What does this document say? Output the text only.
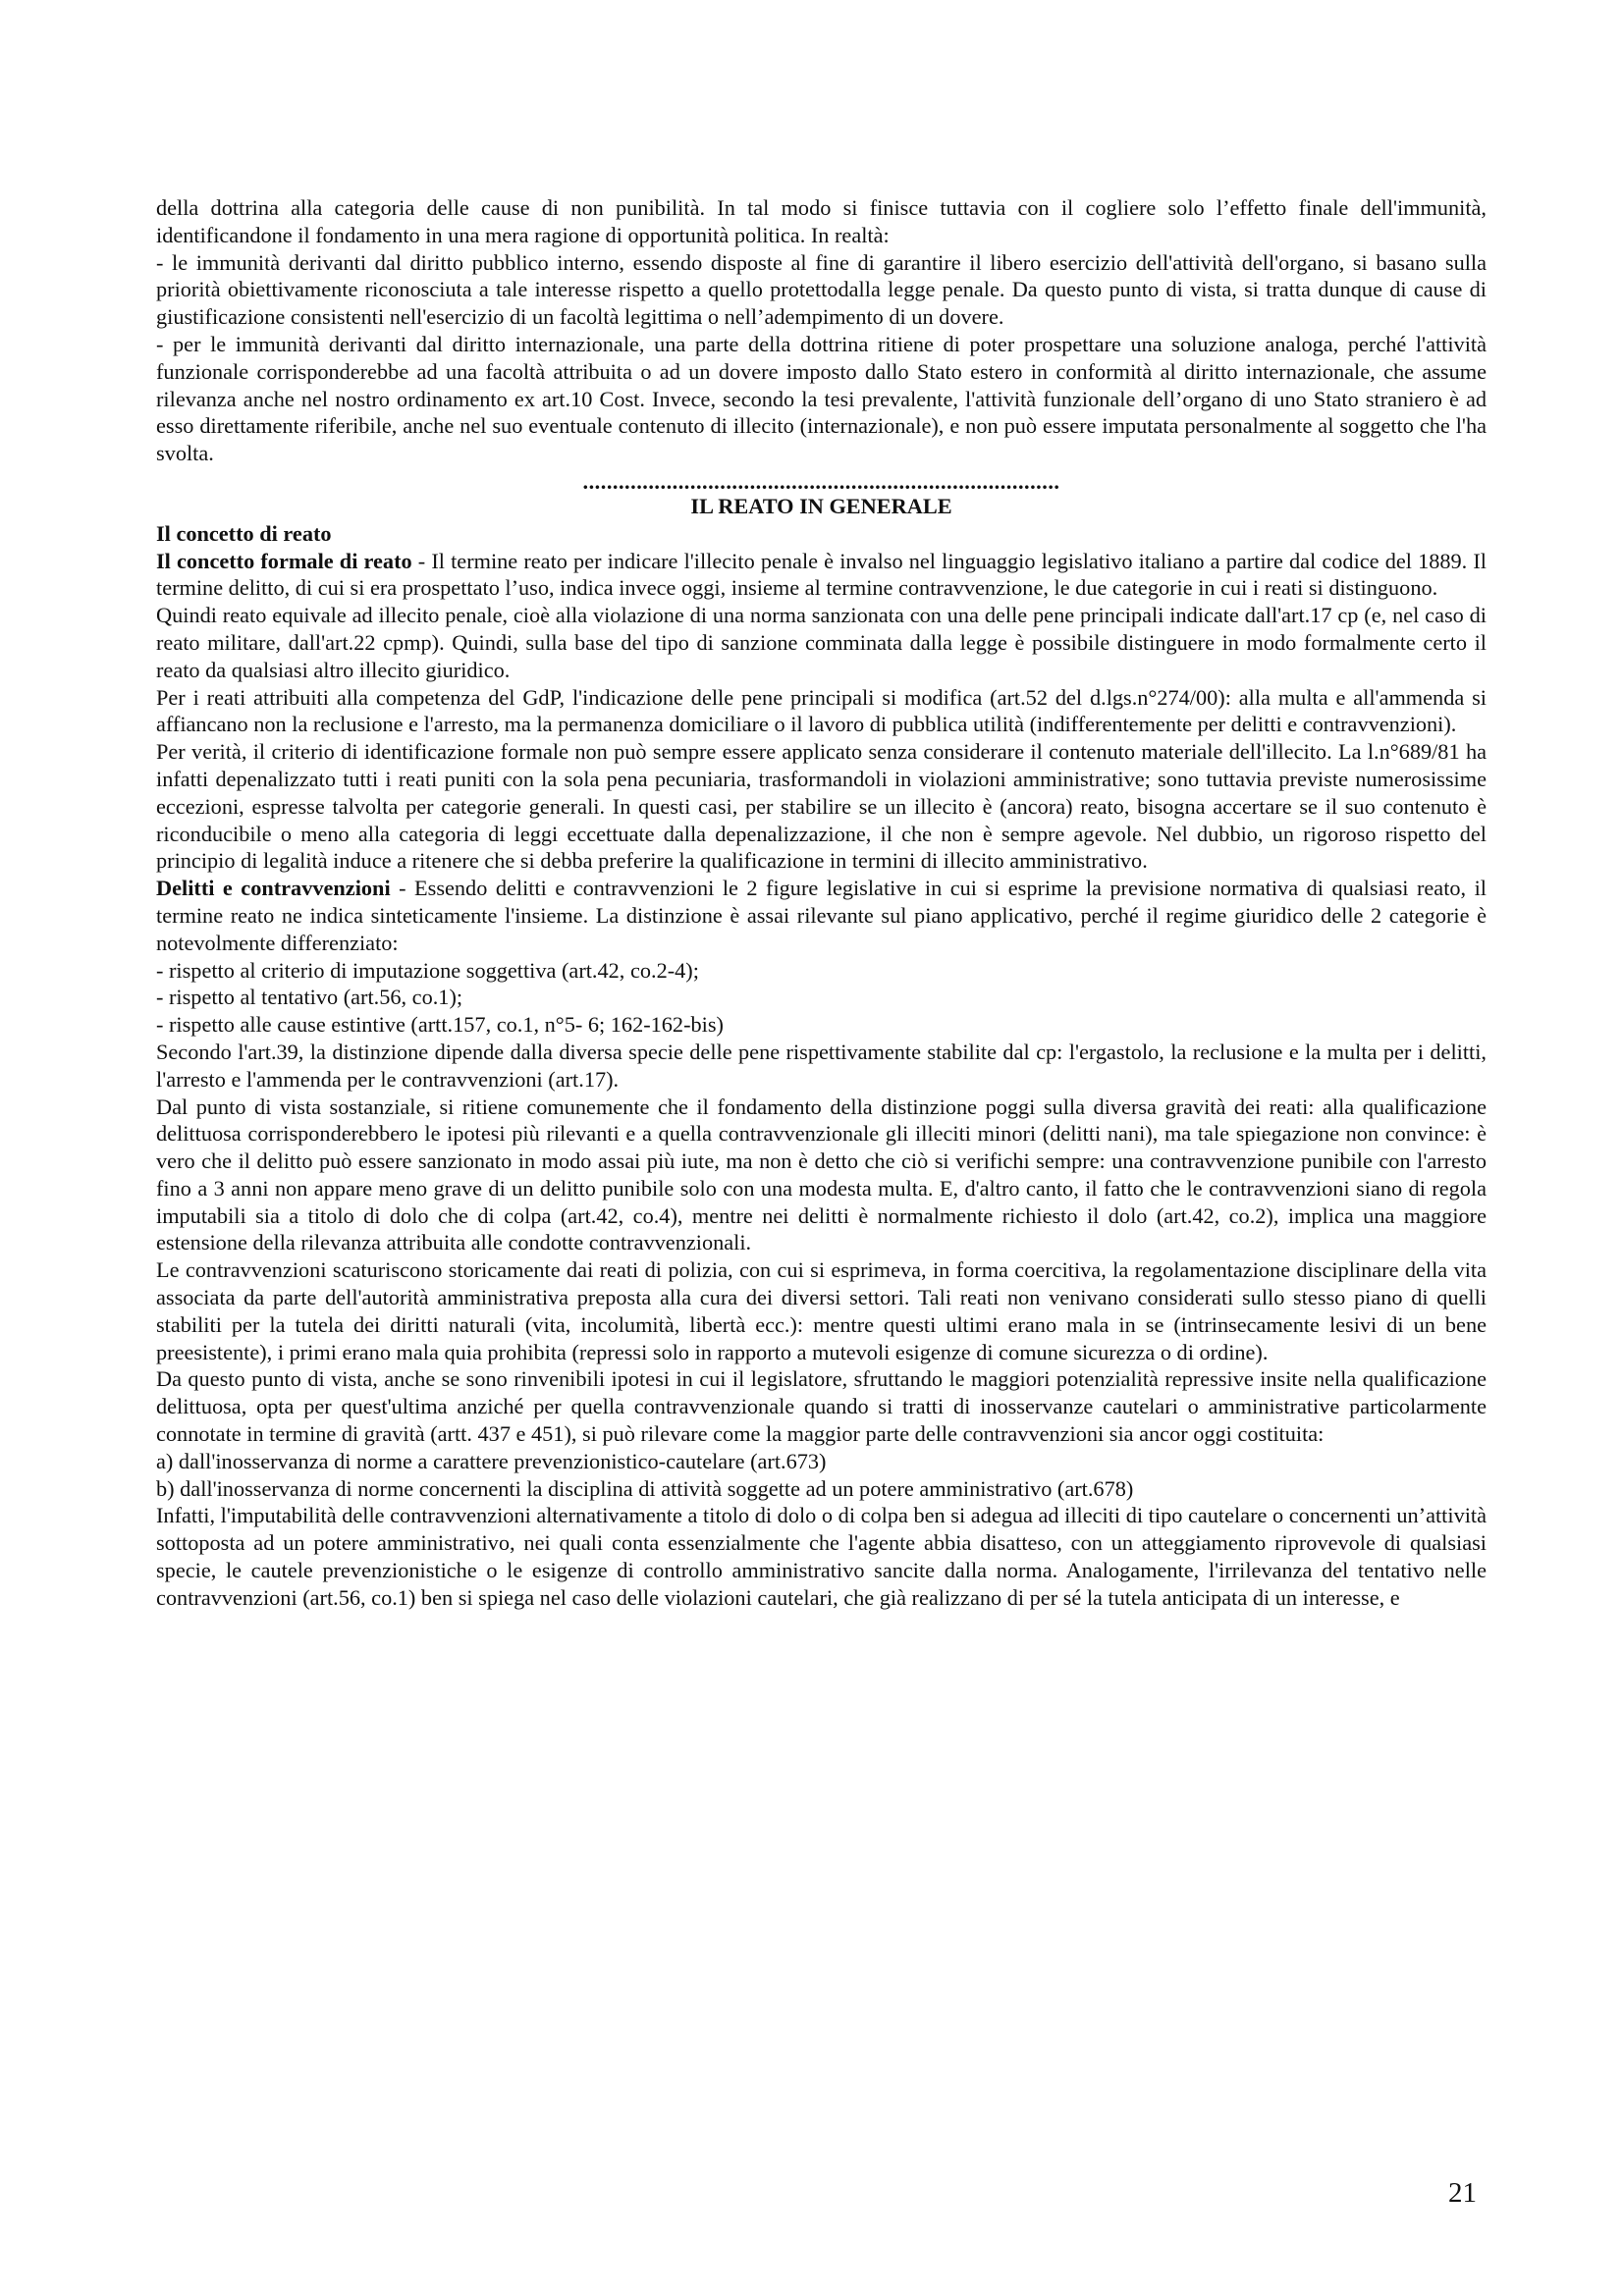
della dottrina alla categoria delle cause di non punibilità. In tal modo si finisce tuttavia con il cogliere solo l’effetto finale dell'immunità, identificandone il fondamento in una mera ragione di opportunità politica. In realtà:

- le immunità derivanti dal diritto pubblico interno, essendo disposte al fine di garantire il libero esercizio dell'attività dell'organo, si basano sulla priorità obiettivamente riconosciuta a tale interesse rispetto a quello protettodalla legge penale. Da questo punto di vista, si tratta dunque di cause di giustificazione consistenti nell'esercizio di un facoltà legittima o nell’adempimento di un dovere.

- per le immunità derivanti dal diritto internazionale, una parte della dottrina ritiene di poter prospettare una soluzione analoga, perché l'attività funzionale corrisponderebbe ad una facoltà attribuita o ad un dovere imposto dallo Stato estero in conformità al diritto internazionale, che assume rilevanza anche nel nostro ordinamento ex art.10 Cost. Invece, secondo la tesi prevalente, l'attività funzionale dell’organo di uno Stato straniero è ad esso direttamente riferibile, anche nel suo eventuale contenuto di illecito (internazionale), e non può essere imputata personalmente al soggetto che l'ha svolta.

................................................................................
IL REATO IN GENERALE
Il concetto di reato

Il concetto formale di reato - Il termine reato per indicare l'illecito penale è invalso nel linguaggio legislativo italiano a partire dal codice del 1889. Il termine delitto, di cui si era prospettato l’uso, indica invece oggi, insieme al termine contravvenzione, le due categorie in cui i reati si distinguono.

Quindi reato equivale ad illecito penale, cioè alla violazione di una norma sanzionata con una delle pene principali indicate dall'art.17 cp (e, nel caso di reato militare, dall'art.22 cpmp). Quindi, sulla base del tipo di sanzione comminata dalla legge è possibile distinguere in modo formalmente certo il reato da qualsiasi altro illecito giuridico.

Per i reati attribuiti alla competenza del GdP, l'indicazione delle pene principali si modifica (art.52 del d.lgs.n°274/00): alla multa e all'ammenda si affiancano non la reclusione e l'arresto, ma la permanenza domiciliare o il lavoro di pubblica utilità (indifferentemente per delitti e contravvenzioni).

Per verità, il criterio di identificazione formale non può sempre essere applicato senza considerare il contenuto materiale dell'illecito. La l.n°689/81 ha infatti depenalizzato tutti i reati puniti con la sola pena pecuniaria, trasformandoli in violazioni amministrative; sono tuttavia previste numerosissime eccezioni, espresse talvolta per categorie generali. In questi casi, per stabilire se un illecito è (ancora) reato, bisogna accertare se il suo contenuto è riconducibile o meno alla categoria di leggi eccettuate dalla depenalizzazione, il che non è sempre agevole. Nel dubbio, un rigoroso rispetto del principio di legalità induce a ritenere che si debba preferire la qualificazione in termini di illecito amministrativo.

Delitti e contravvenzioni - Essendo delitti e contravvenzioni le 2 figure legislative in cui si esprime la previsione normativa di qualsiasi reato, il termine reato ne indica sinteticamente l'insieme. La distinzione è assai rilevante sul piano applicativo, perché il regime giuridico delle 2 categorie è notevolmente differenziato:

- rispetto al criterio di imputazione soggettiva (art.42, co.2-4);

- rispetto al tentativo (art.56, co.1);

- rispetto alle cause estintive (artt.157, co.1, n°5- 6; 162-162-bis)

Secondo l'art.39, la distinzione dipende dalla diversa specie delle pene rispettivamente stabilite dal cp: l'ergastolo, la reclusione e la multa per i delitti, l'arresto e l'ammenda per le contravvenzioni (art.17).

Dal punto di vista sostanziale, si ritiene comunemente che il fondamento della distinzione poggi sulla diversa gravità dei reati: alla qualificazione delittuosa corrisponderebbero le ipotesi più rilevanti e a quella contravvenzionale gli illeciti minori (delitti nani), ma tale spiegazione non convince: è vero che il delitto può essere sanzionato in modo assai più iute, ma non è detto che ciò si verifichi sempre: una contravvenzione punibile con l'arresto fino a 3 anni non appare meno grave di un delitto punibile solo con una modesta multa. E, d'altro canto, il fatto che le contravvenzioni siano di regola imputabili sia a titolo di dolo che di colpa (art.42, co.4), mentre nei delitti è normalmente richiesto il dolo (art.42, co.2), implica una maggiore estensione della rilevanza attribuita alle condotte contravvenzionali.

Le contravvenzioni scaturiscono storicamente dai reati di polizia, con cui si esprimeva, in forma coercitiva, la regolamentazione disciplinare della vita associata da parte dell'autorità amministrativa preposta alla cura dei diversi settori. Tali reati non venivano considerati sullo stesso piano di quelli stabiliti per la tutela dei diritti naturali (vita, incolumità, libertà ecc.): mentre questi ultimi erano mala in se (intrinsecamente lesivi di un bene preesistente), i primi erano mala quia prohibita (repressi solo in rapporto a mutevoli esigenze di comune sicurezza o di ordine).

Da questo punto di vista, anche se sono rinvenibili ipotesi in cui il legislatore, sfruttando le maggiori potenzialità repressive insite nella qualificazione delittuosa, opta per quest'ultima anziché per quella contravvenzionale quando si tratti di inosservanze cautelari o amministrative particolarmente connotate in termine di gravità (artt. 437 e 451), si può rilevare come la maggior parte delle contravvenzioni sia ancor oggi costituita:

a) dall'inosservanza di norme a carattere prevenzionistico-cautelare (art.673)

b) dall'inosservanza di norme concernenti la disciplina di attività soggette ad un potere amministrativo (art.678)

Infatti, l'imputabilità delle contravvenzioni alternativamente a titolo di dolo o di colpa ben si adegua ad illeciti di tipo cautelare o concernenti un’attività sottoposta ad un potere amministrativo, nei quali conta essenzialmente che l'agente abbia disatteso, con un atteggiamento riprovevole di qualsiasi specie, le cautele prevenzionistiche o le esigenze di controllo amministrativo sancite dalla norma. Analogamente, l'irrilevanza del tentativo nelle contravvenzioni (art.56, co.1) ben si spiega nel caso delle violazioni cautelari, che già realizzano di per sé la tutela anticipata di un interesse, e

21
